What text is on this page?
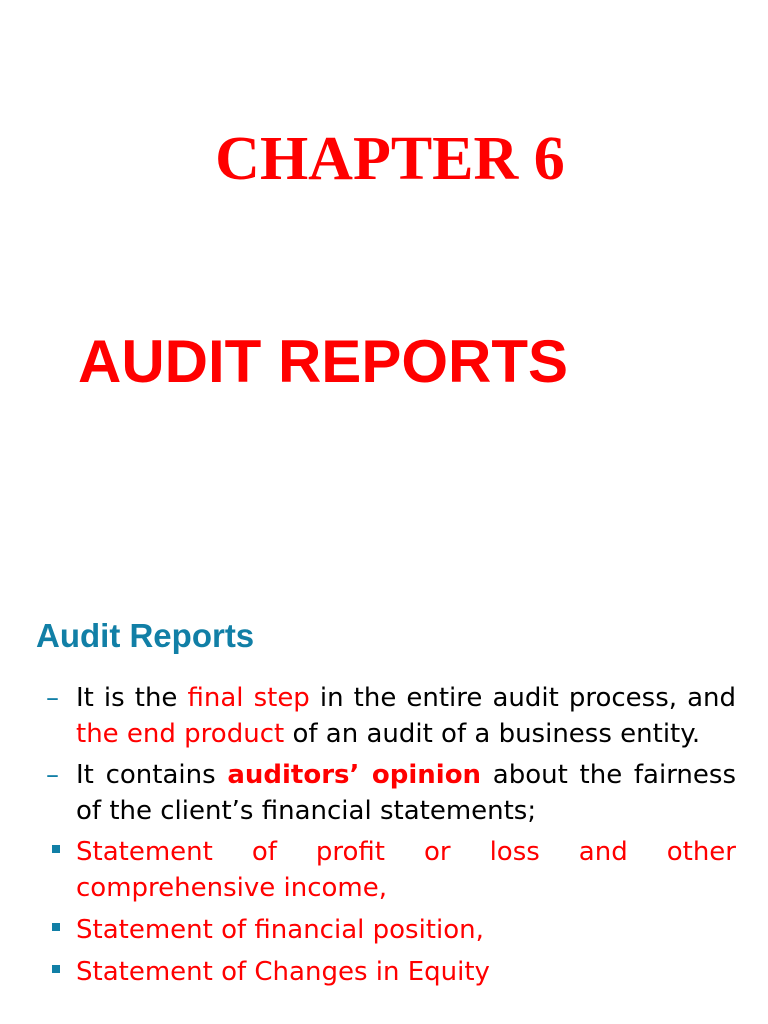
CHAPTER 6
AUDIT REPORTS
Audit Reports
– It is the final step in the entire audit process, and the end product of an audit of a business entity.
– It contains auditors’ opinion about the fairness of the client’s financial statements;
Statement of profit or loss and other comprehensive income,
Statement of financial position,
Statement of Changes in Equity
